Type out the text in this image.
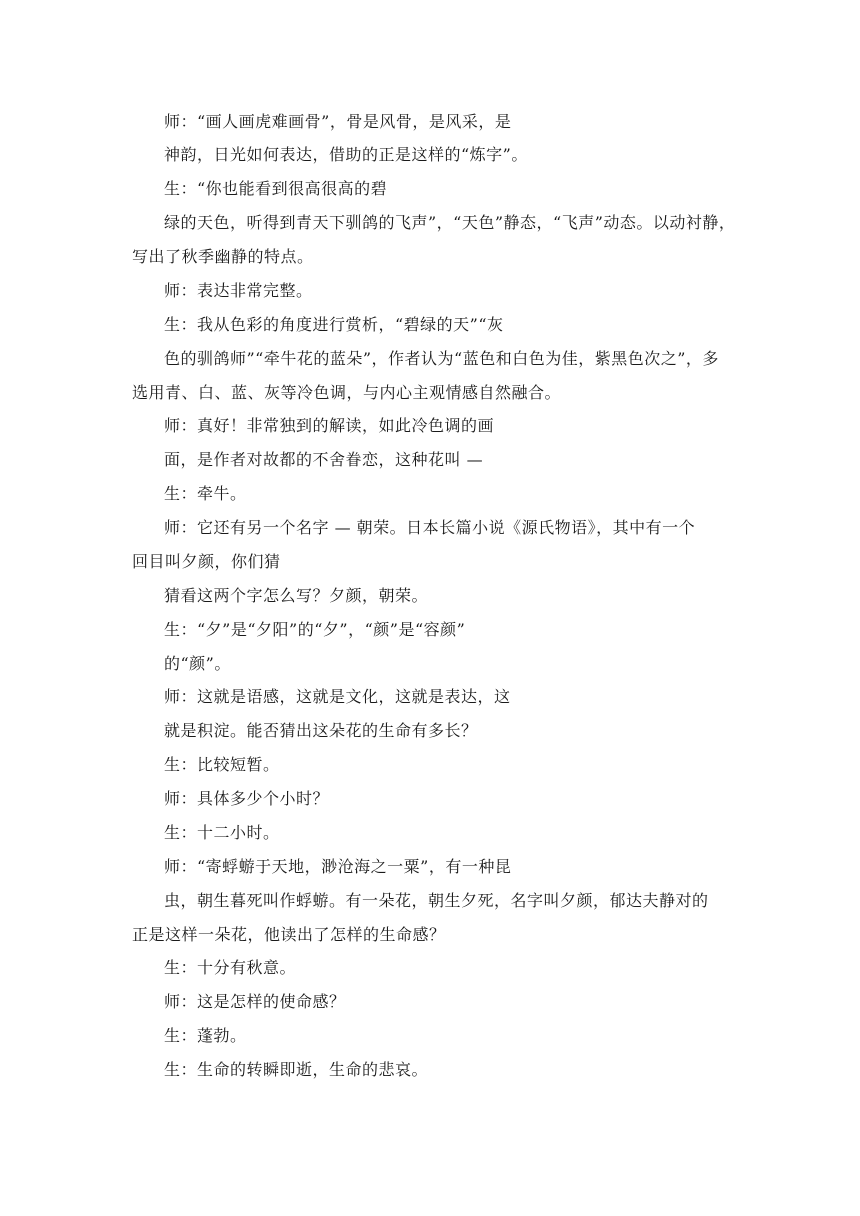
师：“画人画虎难画骨”，骨是风骨，是风采，是
神韵，日光如何表达，借助的正是这样的“炼字”。
生：“你也能看到很高很高的碧
绿的天色，听得到青天下驯鸽的飞声”，“天色”静态，“飞声”动态。以动衬静，
写出了秋季幽静的特点。
师：表达非常完整。
生：我从色彩的角度进行赏析，“碧绿的天”“灰
色的驯鸽师”“牵牛花的蓝朵”，作者认为“蓝色和白色为佳，紫黑色次之”，多
选用青、白、蓝、灰等冷色调，与内心主观情感自然融合。
师：真好！非常独到的解读，如此冷色调的画
面，是作者对故都的不舍眷恋，这种花叫 —
生：牵牛。
师：它还有另一个名字 — 朝荣。日本长篇小说《源氏物语》，其中有一个
回目叫夕颜，你们猜
猜看这两个字怎么写？夕颜，朝荣。
生：“夕”是“夕阳”的“夕”，“颜”是“容颜”
的“颜”。
师：这就是语感，这就是文化，这就是表达，这
就是积淀。能否猜出这朵花的生命有多长？
生：比较短暂。
师：具体多少个小时？
生：十二小时。
师：“寄蜉蝣于天地，渺沧海之一粟”，有一种昆
虫，朝生暮死叫作蜉蝣。有一朵花，朝生夕死，名字叫夕颜，郁达夫静对的
正是这样一朵花，他读出了怎样的生命感？
生：十分有秋意。
师：这是怎样的使命感？
生：蓬勃。
生：生命的转瞬即逝，生命的悲哀。
